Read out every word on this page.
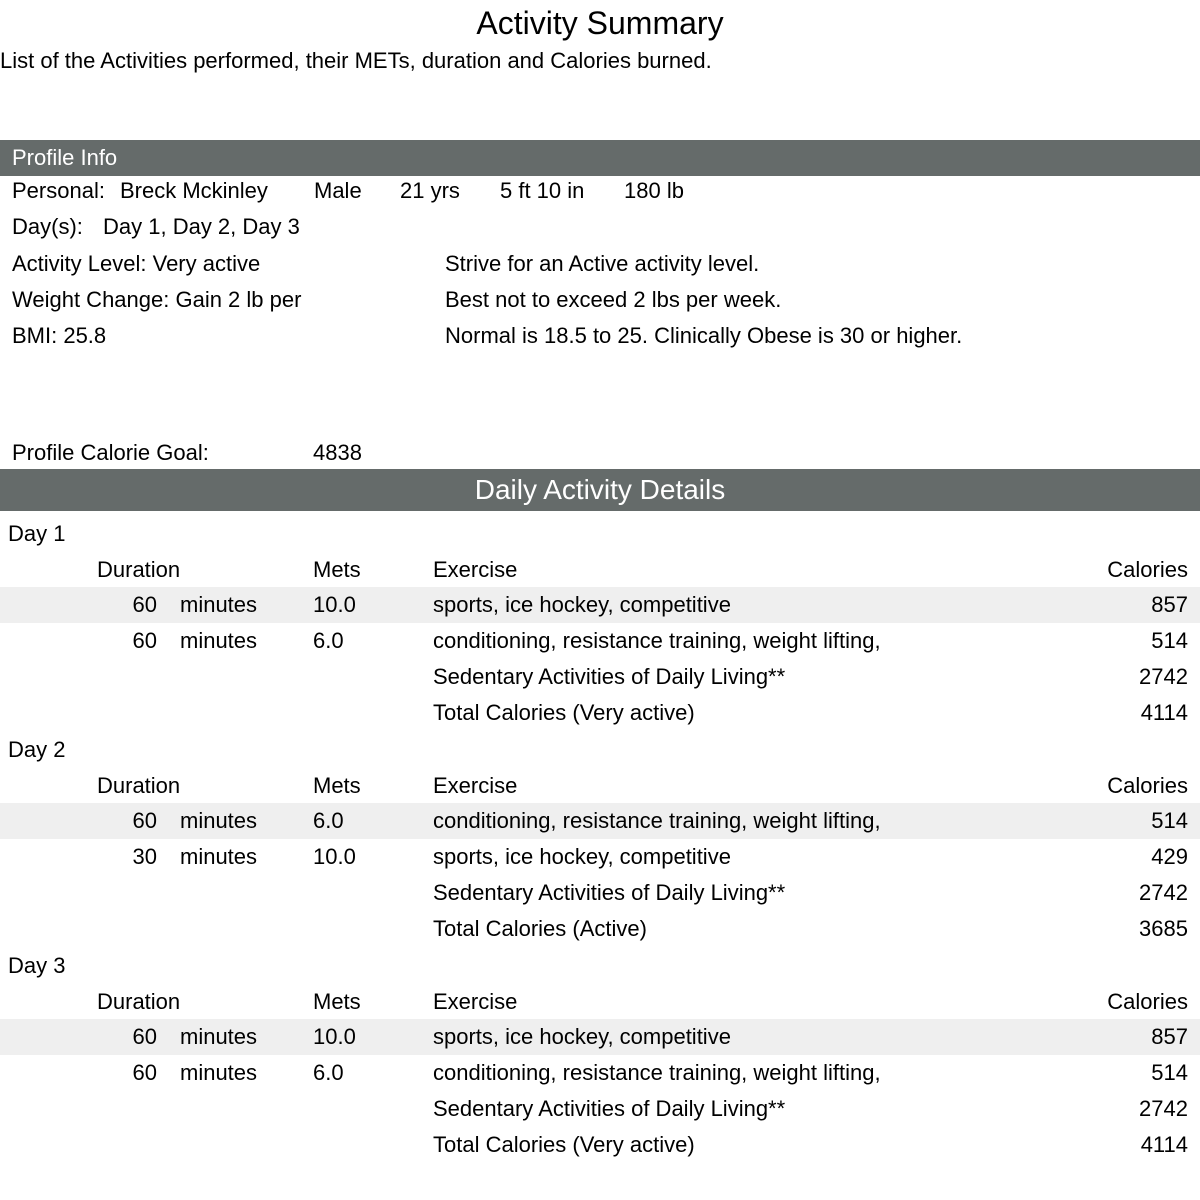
Activity Summary
List of the Activities performed, their METs, duration and Calories burned.
Profile Info
Personal: Breck Mckinley Male 21 yrs 5 ft 10 in 180 lb
Day(s): Day 1, Day 2, Day 3
Activity Level: Very active	Strive for an Active activity level.
Weight Change: Gain 2 lb per	Best not to exceed 2 lbs per week.
BMI: 25.8	Normal is 18.5 to 25. Clinically Obese is 30 or higher.
Profile Calorie Goal:	4838
Daily Activity Details
Day 1
Duration	Mets	Exercise	Calories
60 minutes	10.0	sports, ice hockey, competitive	857
60 minutes	6.0	conditioning, resistance training, weight lifting,	514
Sedentary Activities of Daily Living**	2742
Total Calories (Very active)	4114
Day 2
Duration	Mets	Exercise	Calories
60 minutes	6.0	conditioning, resistance training, weight lifting,	514
30 minutes	10.0	sports, ice hockey, competitive	429
Sedentary Activities of Daily Living**	2742
Total Calories (Active)	3685
Day 3
Duration	Mets	Exercise	Calories
60 minutes	10.0	sports, ice hockey, competitive	857
60 minutes	6.0	conditioning, resistance training, weight lifting,	514
Sedentary Activities of Daily Living**	2742
Total Calories (Very active)	4114
